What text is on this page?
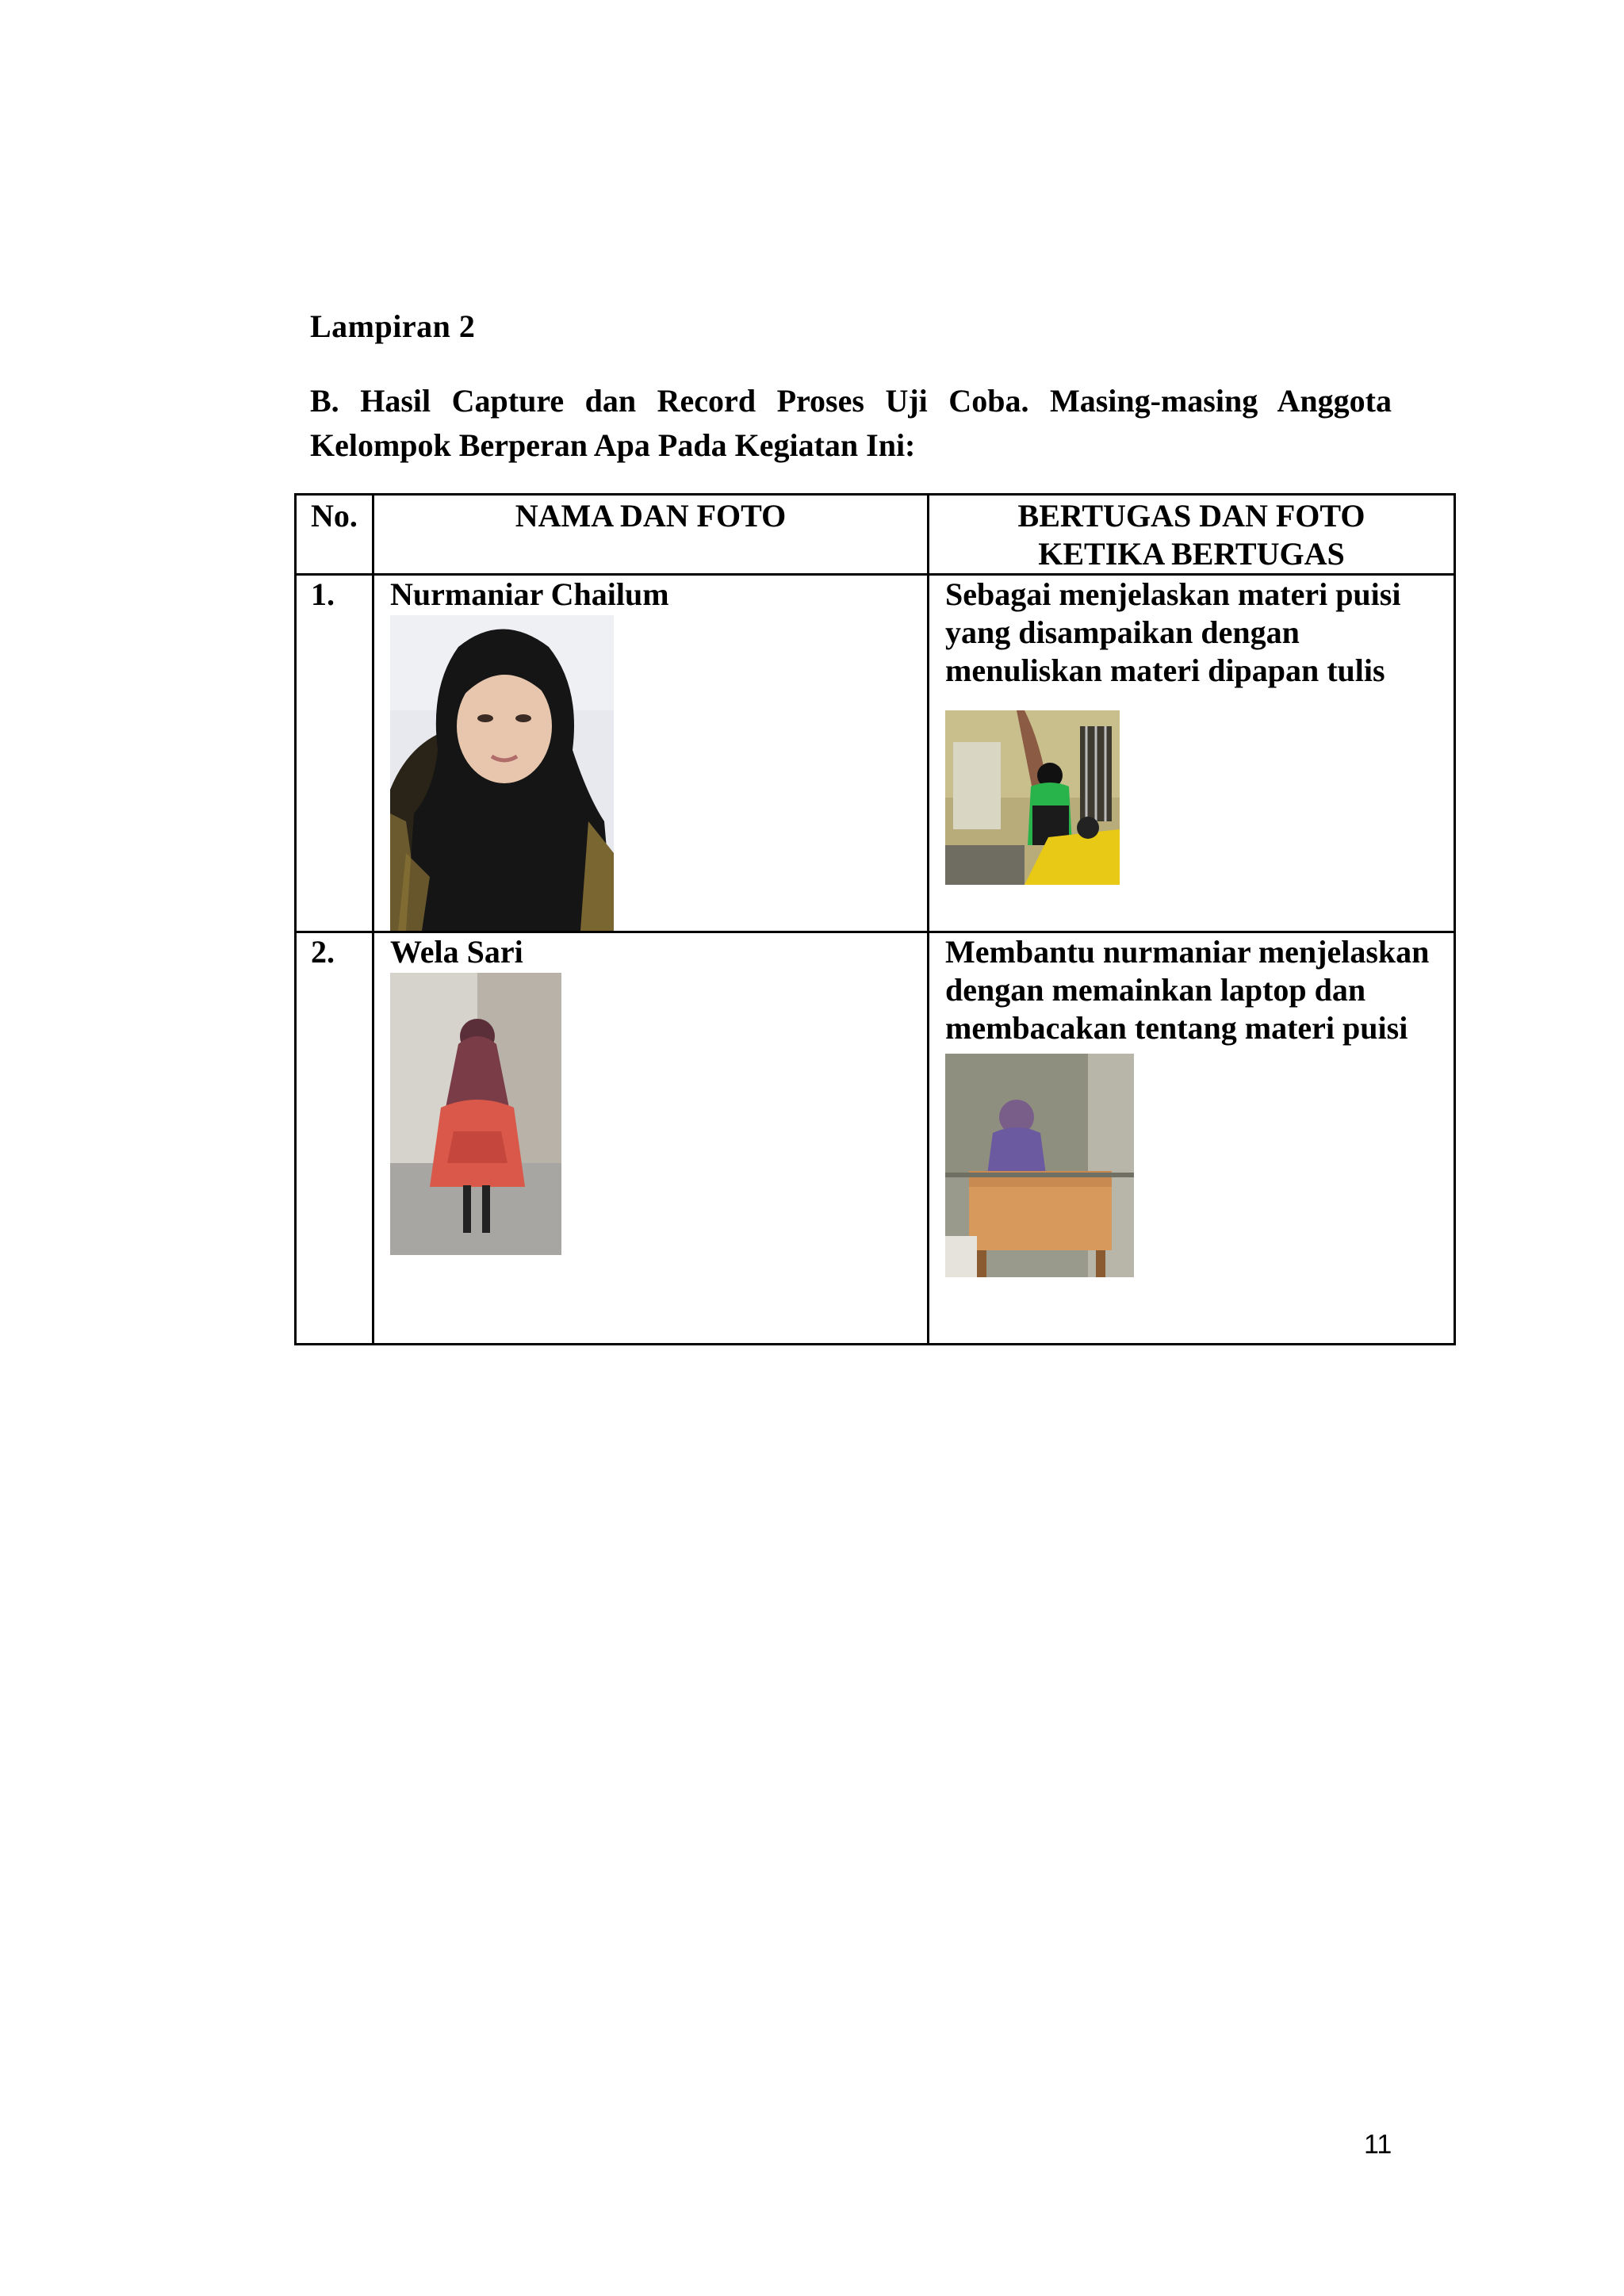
Lampiran 2
B. Hasil Capture dan Record Proses Uji Coba. Masing-masing Anggota
Kelompok Berperan Apa Pada Kegiatan Ini:
No.	NAMA DAN FOTO	BERTUGAS DAN FOTO
KETIKA BERTUGAS

1.	Nurmaniar Chailum	Sebagai menjelaskan materi puisi yang disampaikan dengan menuliskan materi dipapan tulis

2.	Wela Sari	Membantu nurmaniar menjelaskan dengan memainkan laptop dan membacakan tentang materi puisi
11
